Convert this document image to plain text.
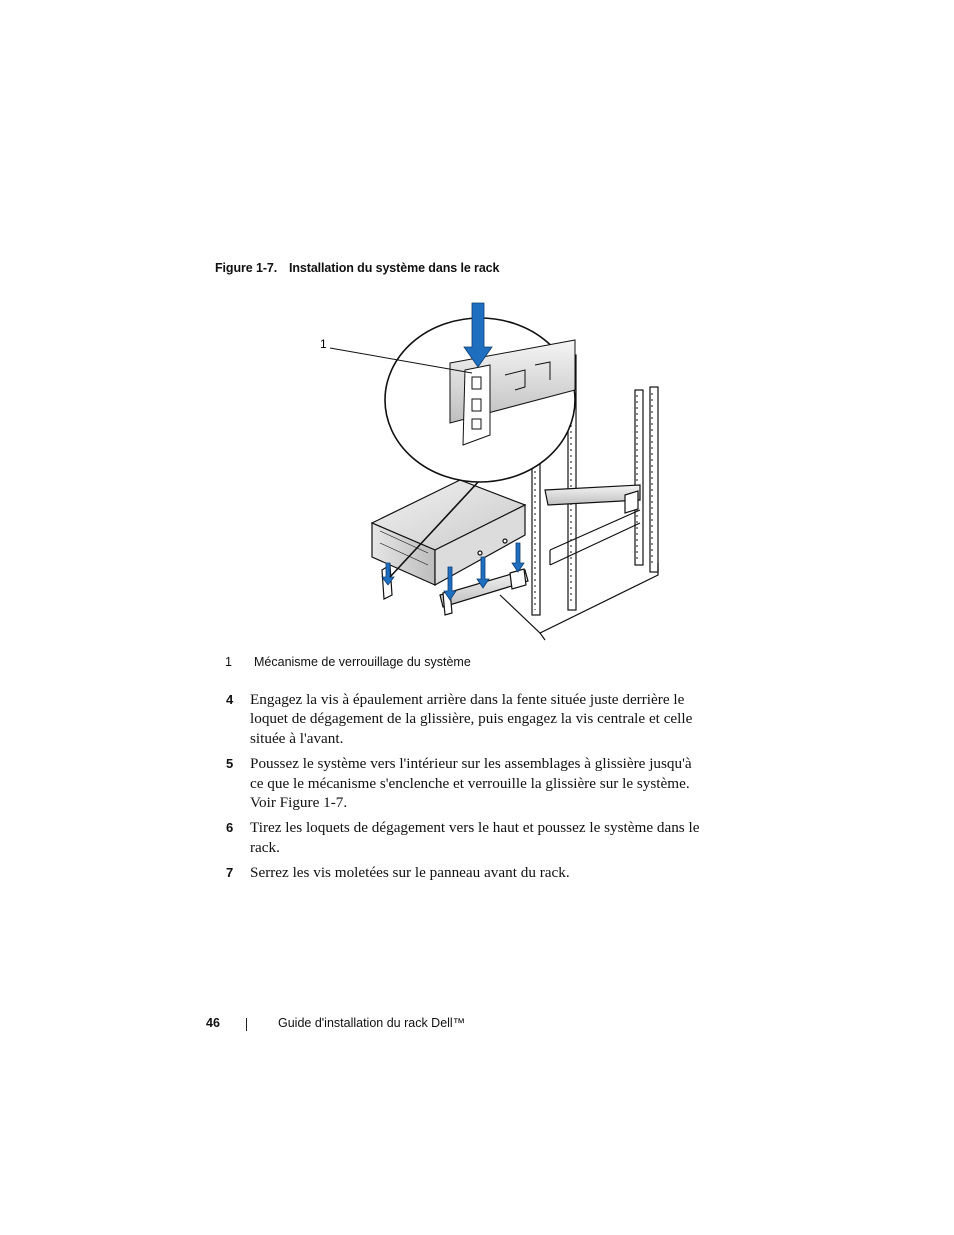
Figure 1-7. Installation du système dans le rack
1
1 Mécanisme de verrouillage du système
4 Engagez la vis à épaulement arrière dans la fente située juste derrière le loquet de dégagement de la glissière, puis engagez la vis centrale et celle située à l'avant.
5 Poussez le système vers l'intérieur sur les assemblages à glissière jusqu'à ce que le mécanisme s'enclenche et verrouille la glissière sur le système. Voir Figure 1-7.
6 Tirez les loquets de dégagement vers le haut et poussez le système dans le rack.
7 Serrez les vis moletées sur le panneau avant du rack.
46	Guide d'installation du rack Dell™
